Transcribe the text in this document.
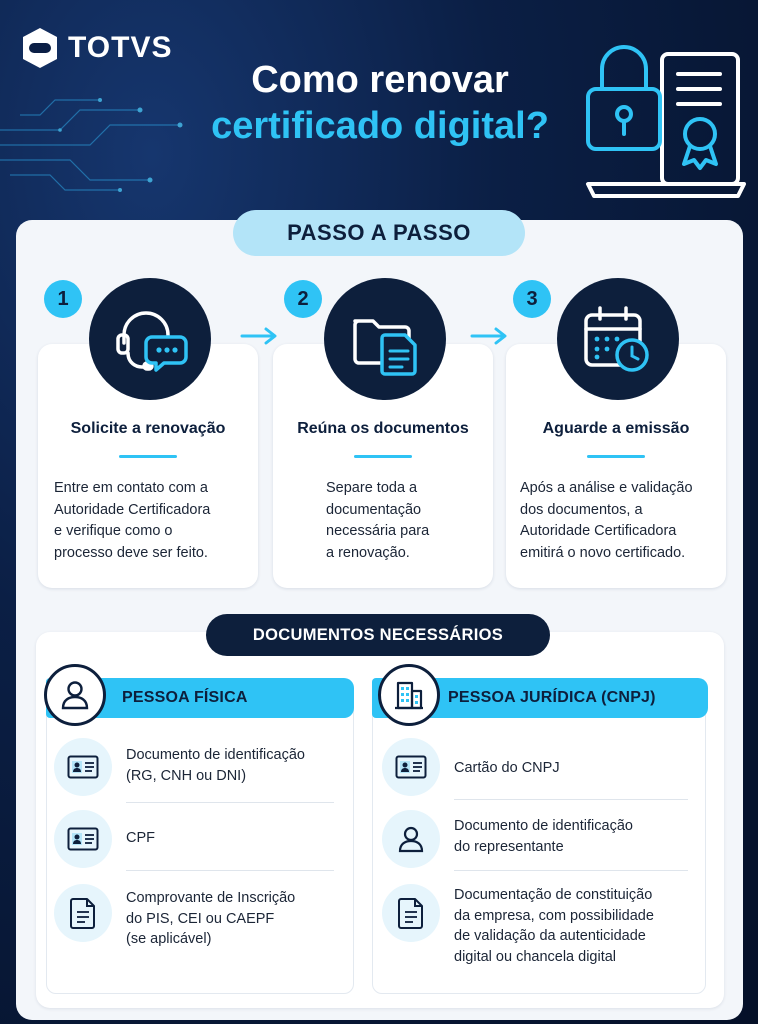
TOTVS
Como renovar
certificado digital?
PASSO A PASSO
1
Solicite a renovação
Entre em contato com a
Autoridade Certificadora
e verifique como o
processo deve ser feito.
2
Reúna os documentos
Separe toda a
documentação
necessária para
a renovação.
3
Aguarde a emissão
Após a análise e validação
dos documentos, a
Autoridade Certificadora
emitirá o novo certificado.
DOCUMENTOS NECESSÁRIOS
PESSOA FÍSICA
Documento de identificação
(RG, CNH ou DNI)
CPF
Comprovante de Inscrição
do PIS, CEI ou CAEPF
(se aplicável)
PESSOA JURÍDICA (CNPJ)
Cartão do CNPJ
Documento de identificação
do representante
Documentação de constituição
da empresa, com possibilidade
de validação da autenticidade
digital ou chancela digital
